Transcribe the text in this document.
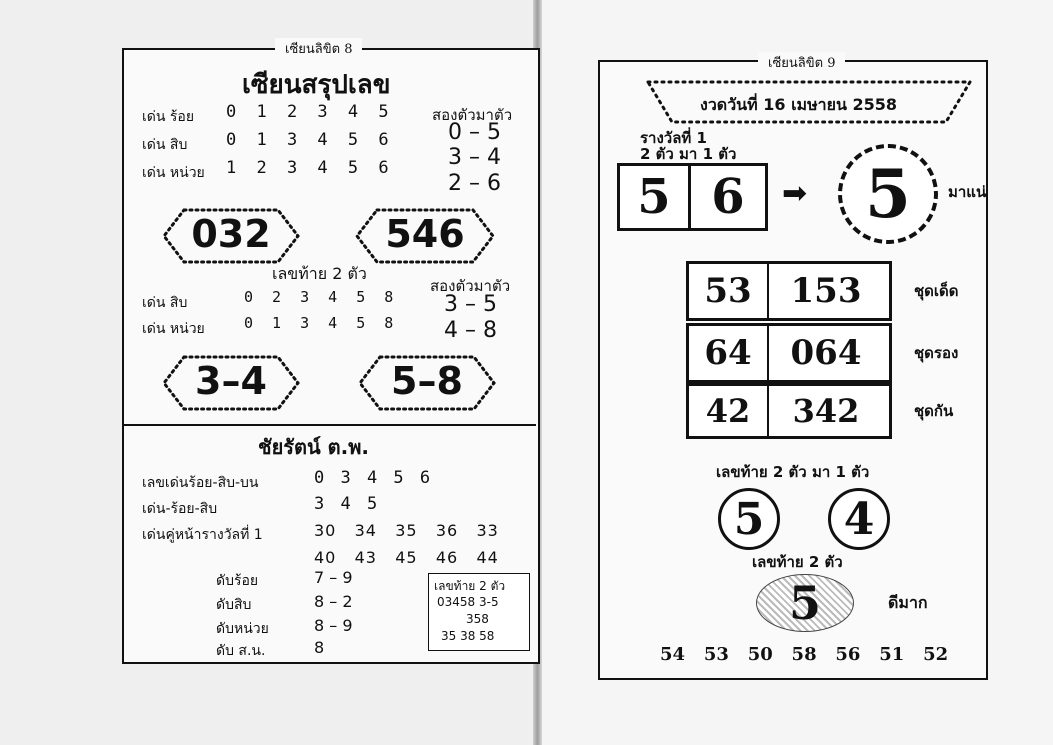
เซียนลิขิต 8
เซียนสรุปเลข
เด่น ร้อย 0 1 2 3 4 5
เด่น สิบ 0 1 3 4 5 6
เด่น หน่วย 1 2 3 4 5 6
สองตัวมาตัว
0 – 5
3 – 4
2 – 6
032	546
เลขท้าย 2 ตัว
สองตัวมาตัว
3 – 5
4 – 8
เด่น สิบ	0 2 3 4 5 8
เด่น หน่วย	0 1 3 4 5 8
3–4	5–8
ชัยรัตน์ ต.พ.
เลขเด่นร้อย-สิบ-บน	0 3 4 5 6
เด่น-ร้อย-สิบ	3 4 5
เด่นคู่หน้ารางวัลที่ 1	30   34   35   36   33
40   43   45   46   44
ดับร้อย	7 – 9
ดับสิบ	8 – 2
ดับหน่วย	8 – 9
ดับ ส.น.	8
เลขท้าย 2 ตัว
03458 3-5
358
35 38 58
เซียนลิขิต 9
งวดวันที่ 16 เมษายน 2558
รางวัลที่ 1
2 ตัว มา 1 ตัว
5 6	➡ 5 มาแน่
53	153	ชุดเด็ด
64	064	ชุดรอง
42	342	ชุดกัน
เลขท้าย 2 ตัว มา 1 ตัว
5 4
เลขท้าย 2 ตัว
5	ดีมาก
54   53   50   58   56   51   52
